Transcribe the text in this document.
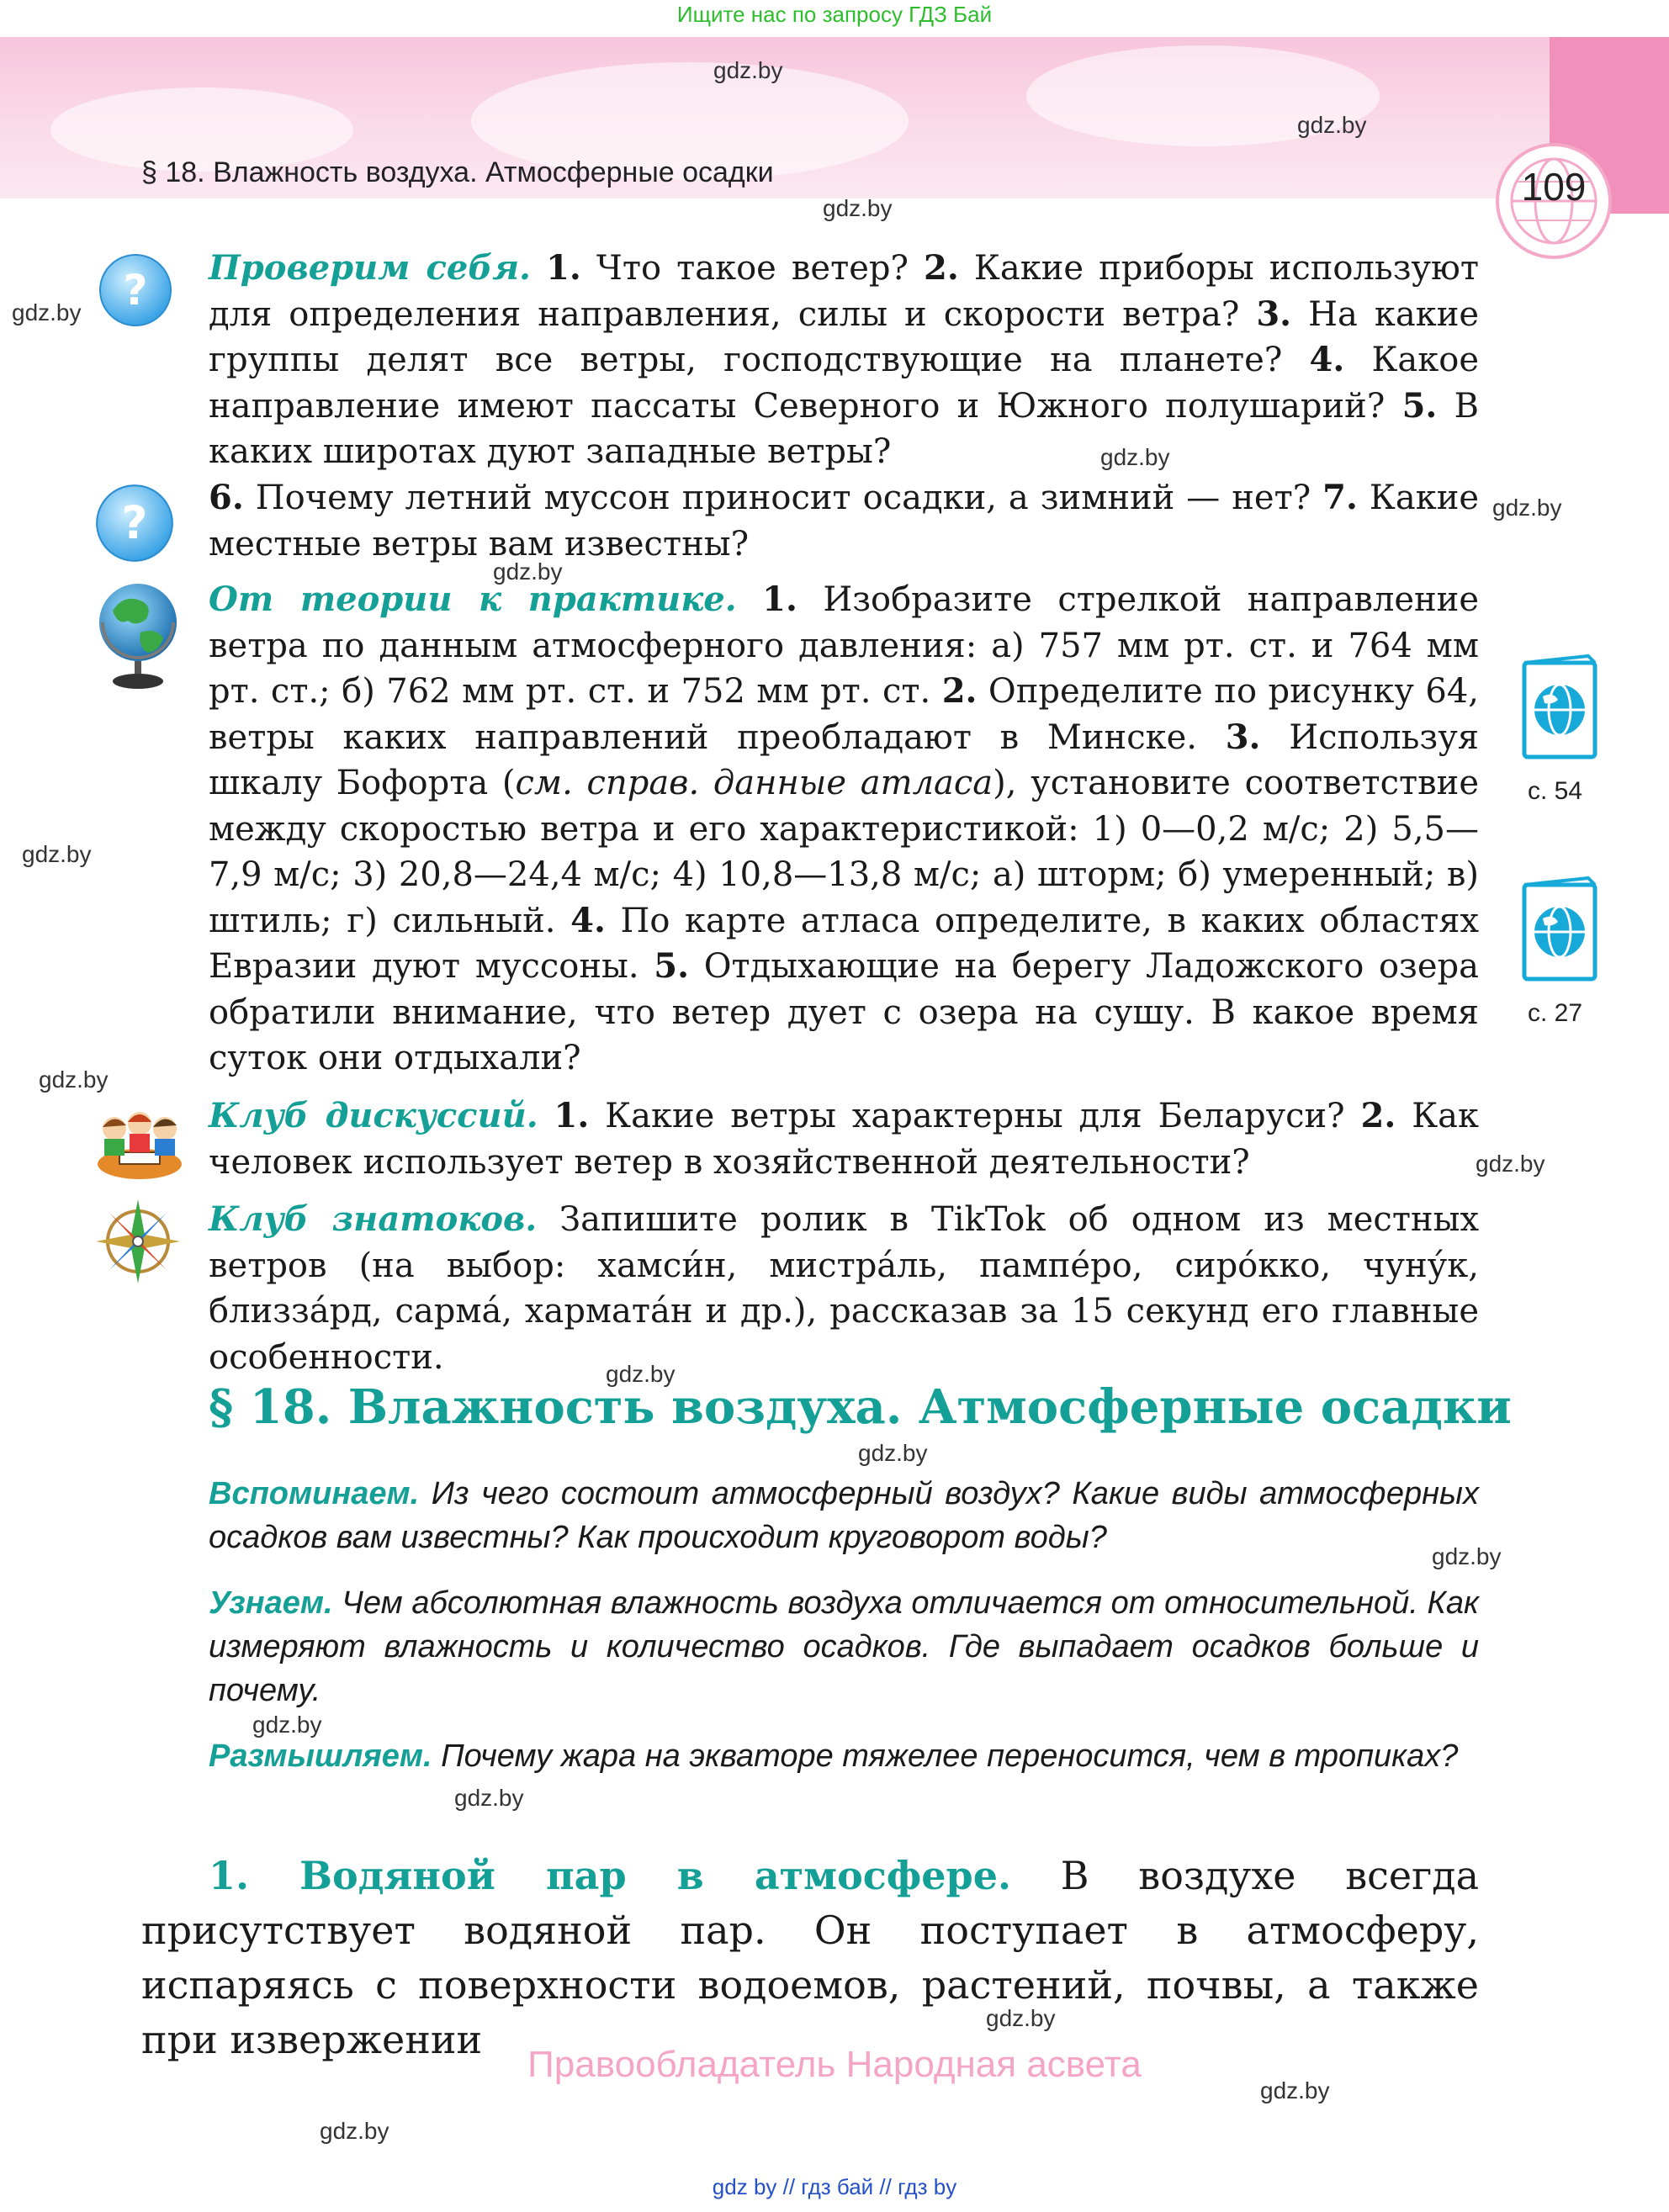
Ищите нас по запросу ГДЗ Бай
§ 18. Влажность воздуха. Атмосферные осадки	109
gdz.by
gdz.by
gdz.by
gdz.by
gdz.by
gdz.by
gdz.by
gdz.by
gdz.by
gdz.by
gdz.by
gdz.by
gdz.by
gdz.by
gdz.by
gdz.by
gdz.by
gdz.by
?
?
с. 54
с. 27
Проверим себя. 1. Что такое ветер? 2. Какие приборы используют для определения направления, силы и скорости ветра? 3. На какие группы делят все ветры, господствующие на планете? 4. Какое направление имеют пассаты Северного и Южного полушарий? 5. В каких широтах дуют западные ветры?
6. Почему летний муссон приносит осадки, а зимний — нет? 7. Какие местные ветры вам известны?
От теории к практике. 1. Изобразите стрелкой направление ветра по данным атмосферного давления: а) 757 мм рт. ст. и 764 мм рт. ст.; б) 762 мм рт. ст. и 752 мм рт. ст. 2. Определите по рисунку 64, ветры каких направлений преобладают в Минске. 3. Используя шкалу Бофорта (см. справ. данные атласа), установите соответствие между скоростью ветра и его характеристикой: 1) 0—0,2 м/с; 2) 5,5—7,9 м/с; 3) 20,8—24,4 м/с; 4) 10,8—13,8 м/с; а) шторм; б) умеренный; в) штиль; г) сильный. 4. По карте атласа определите, в каких областях Евразии дуют муссоны. 5. Отдыхающие на берегу Ладожского озера обратили внимание, что ветер дует с озера на сушу. В какое время суток они отдыхали?
Клуб дискуссий. 1. Какие ветры характерны для Беларуси? 2. Как человек использует ветер в хозяйственной деятельности?
Клуб знатоков. Запишите ролик в TikTok об одном из местных ветров (на выбор: хамси́н, мистра́ль, пампе́ро, сиро́кко, чуну́к, близза́рд, сарма́, хармата́н и др.), рассказав за 15 секунд его главные особенности.
§ 18. Влажность воздуха. Атмосферные осадки
Вспоминаем. Из чего состоит атмосферный воздух? Какие виды атмосферных осадков вам известны? Как происходит круговорот воды?
Узнаем. Чем абсолютная влажность воздуха отличается от относительной. Как измеряют влажность и количество осадков. Где выпадает осадков больше и почему.
Размышляем. Почему жара на экваторе тяжелее переносится, чем в тропиках?
1. Водяной пар в атмосфере. В воздухе всегда присутствует водяной пар. Он поступает в атмосферу, испаряясь с поверхности водоемов, растений, почвы, а также при извержении
Правообладатель Народная асвета
gdz by // гдз бай // гдз by
